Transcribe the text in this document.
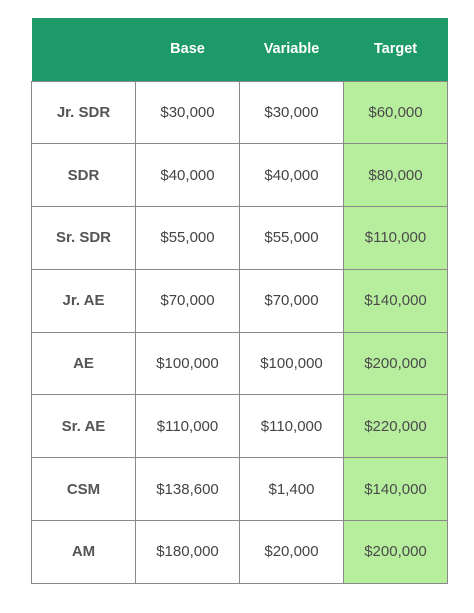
	Base	Variable	Target
Jr. SDR	$30,000	$30,000	$60,000
SDR	$40,000	$40,000	$80,000
Sr. SDR	$55,000	$55,000	$110,000
Jr. AE	$70,000	$70,000	$140,000
AE	$100,000	$100,000	$200,000
Sr. AE	$110,000	$110,000	$220,000
CSM	$138,600	$1,400	$140,000
AM	$180,000	$20,000	$200,000
